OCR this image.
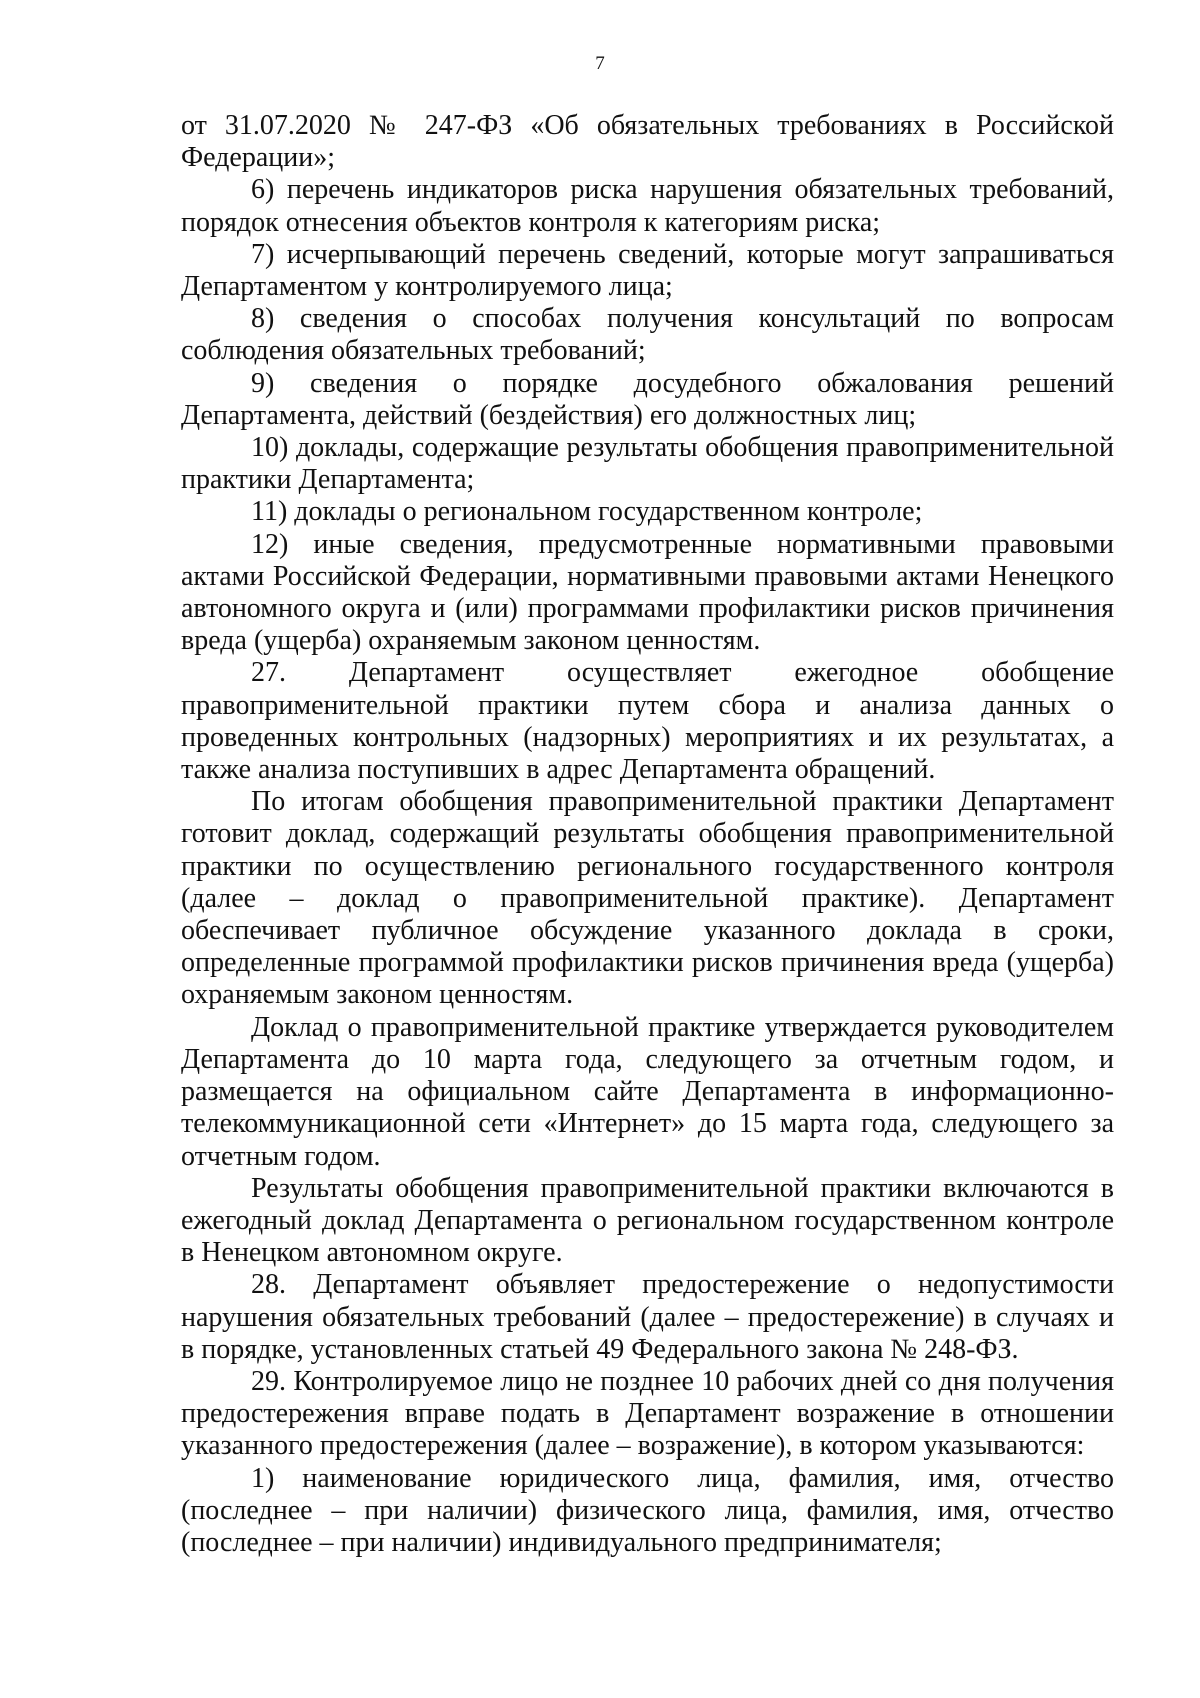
7

от 31.07.2020 № 247-ФЗ «Об обязательных требованиях в Российской Федерации»;

6) перечень индикаторов риска нарушения обязательных требований, порядок отнесения объектов контроля к категориям риска;

7) исчерпывающий перечень сведений, которые могут запрашиваться Департаментом у контролируемого лица;

8) сведения о способах получения консультаций по вопросам соблюдения обязательных требований;

9) сведения о порядке досудебного обжалования решений Департамента, действий (бездействия) его должностных лиц;

10) доклады, содержащие результаты обобщения правоприменительной практики Департамента;

11) доклады о региональном государственном контроле;

12) иные сведения, предусмотренные нормативными правовыми актами Российской Федерации, нормативными правовыми актами Ненецкого автономного округа и (или) программами профилактики рисков причинения вреда (ущерба) охраняемым законом ценностям.

27. Департамент осуществляет ежегодное обобщение правоприменительной практики путем сбора и анализа данных о проведенных контрольных (надзорных) мероприятиях и их результатах, а также анализа поступивших в адрес Департамента обращений.

По итогам обобщения правоприменительной практики Департамент готовит доклад, содержащий результаты обобщения правоприменительной практики по осуществлению регионального государственного контроля (далее – доклад о правоприменительной практике). Департамент обеспечивает публичное обсуждение указанного доклада в сроки, определенные программой профилактики рисков причинения вреда (ущерба) охраняемым законом ценностям.

Доклад о правоприменительной практике утверждается руководителем Департамента до 10 марта года, следующего за отчетным годом, и размещается на официальном сайте Департамента в информационно-телекоммуникационной сети «Интернет» до 15 марта года, следующего за отчетным годом.

Результаты обобщения правоприменительной практики включаются в ежегодный доклад Департамента о региональном государственном контроле в Ненецком автономном округе.

28. Департамент объявляет предостережение о недопустимости нарушения обязательных требований (далее – предостережение) в случаях и в порядке, установленных статьей 49 Федерального закона № 248-ФЗ.

29. Контролируемое лицо не позднее 10 рабочих дней со дня получения предостережения вправе подать в Департамент возражение в отношении указанного предостережения (далее – возражение), в котором указываются:

1) наименование юридического лица, фамилия, имя, отчество (последнее – при наличии) физического лица, фамилия, имя, отчество (последнее – при наличии) индивидуального предпринимателя;
